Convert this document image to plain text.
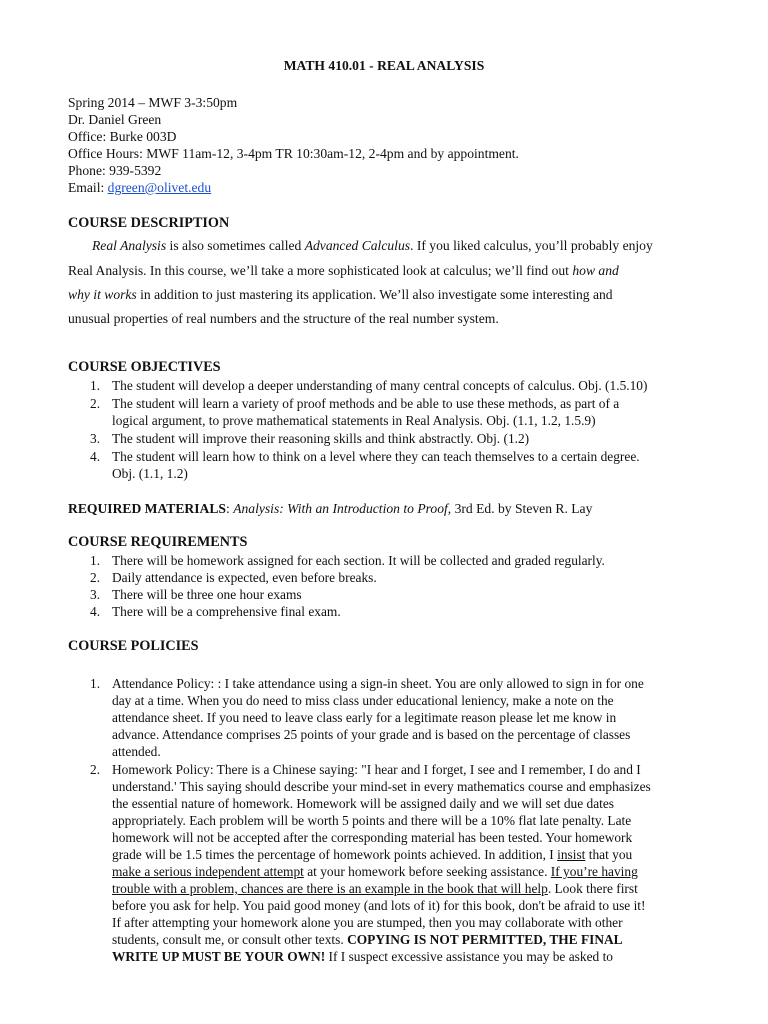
MATH 410.01 - REAL ANALYSIS
Spring 2014 – MWF 3-3:50pm
Dr. Daniel Green
Office: Burke 003D
Office Hours: MWF 11am-12, 3-4pm TR 10:30am-12, 2-4pm and by appointment.
Phone: 939-5392
Email: dgreen@olivet.edu
COURSE DESCRIPTION
Real Analysis is also sometimes called Advanced Calculus. If you liked calculus, you’ll probably enjoy
Real Analysis. In this course, we’ll take a more sophisticated look at calculus; we’ll find out how and
why it works in addition to just mastering its application. We’ll also investigate some interesting and
unusual properties of real numbers and the structure of the real number system.
COURSE OBJECTIVES
1. The student will develop a deeper understanding of many central concepts of calculus. Obj. (1.5.10)
2. The student will learn a variety of proof methods and be able to use these methods, as part of a
logical argument, to prove mathematical statements in Real Analysis. Obj. (1.1, 1.2, 1.5.9)
3. The student will improve their reasoning skills and think abstractly. Obj. (1.2)
4. The student will learn how to think on a level where they can teach themselves to a certain degree.
Obj. (1.1, 1.2)
REQUIRED MATERIALS: Analysis: With an Introduction to Proof, 3rd Ed. by Steven R. Lay
COURSE REQUIREMENTS
1. There will be homework assigned for each section. It will be collected and graded regularly.
2. Daily attendance is expected, even before breaks.
3. There will be three one hour exams
4. There will be a comprehensive final exam.
COURSE POLICIES
1. Attendance Policy: : I take attendance using a sign-in sheet. You are only allowed to sign in for one
day at a time. When you do need to miss class under educational leniency, make a note on the
attendance sheet. If you need to leave class early for a legitimate reason please let me know in
advance. Attendance comprises 25 points of your grade and is based on the percentage of classes
attended.
2. Homework Policy: There is a Chinese saying: "I hear and I forget, I see and I remember, I do and I
understand.' This saying should describe your mind-set in every mathematics course and emphasizes
the essential nature of homework. Homework will be assigned daily and we will set due dates
appropriately. Each problem will be worth 5 points and there will be a 10% flat late penalty. Late
homework will not be accepted after the corresponding material has been tested. Your homework
grade will be 1.5 times the percentage of homework points achieved. In addition, I insist that you
make a serious independent attempt at your homework before seeking assistance. If you’re having
trouble with a problem, chances are there is an example in the book that will help. Look there first
before you ask for help. You paid good money (and lots of it) for this book, don't be afraid to use it!
If after attempting your homework alone you are stumped, then you may collaborate with other
students, consult me, or consult other texts. COPYING IS NOT PERMITTED, THE FINAL
WRITE UP MUST BE YOUR OWN! If I suspect excessive assistance you may be asked to
